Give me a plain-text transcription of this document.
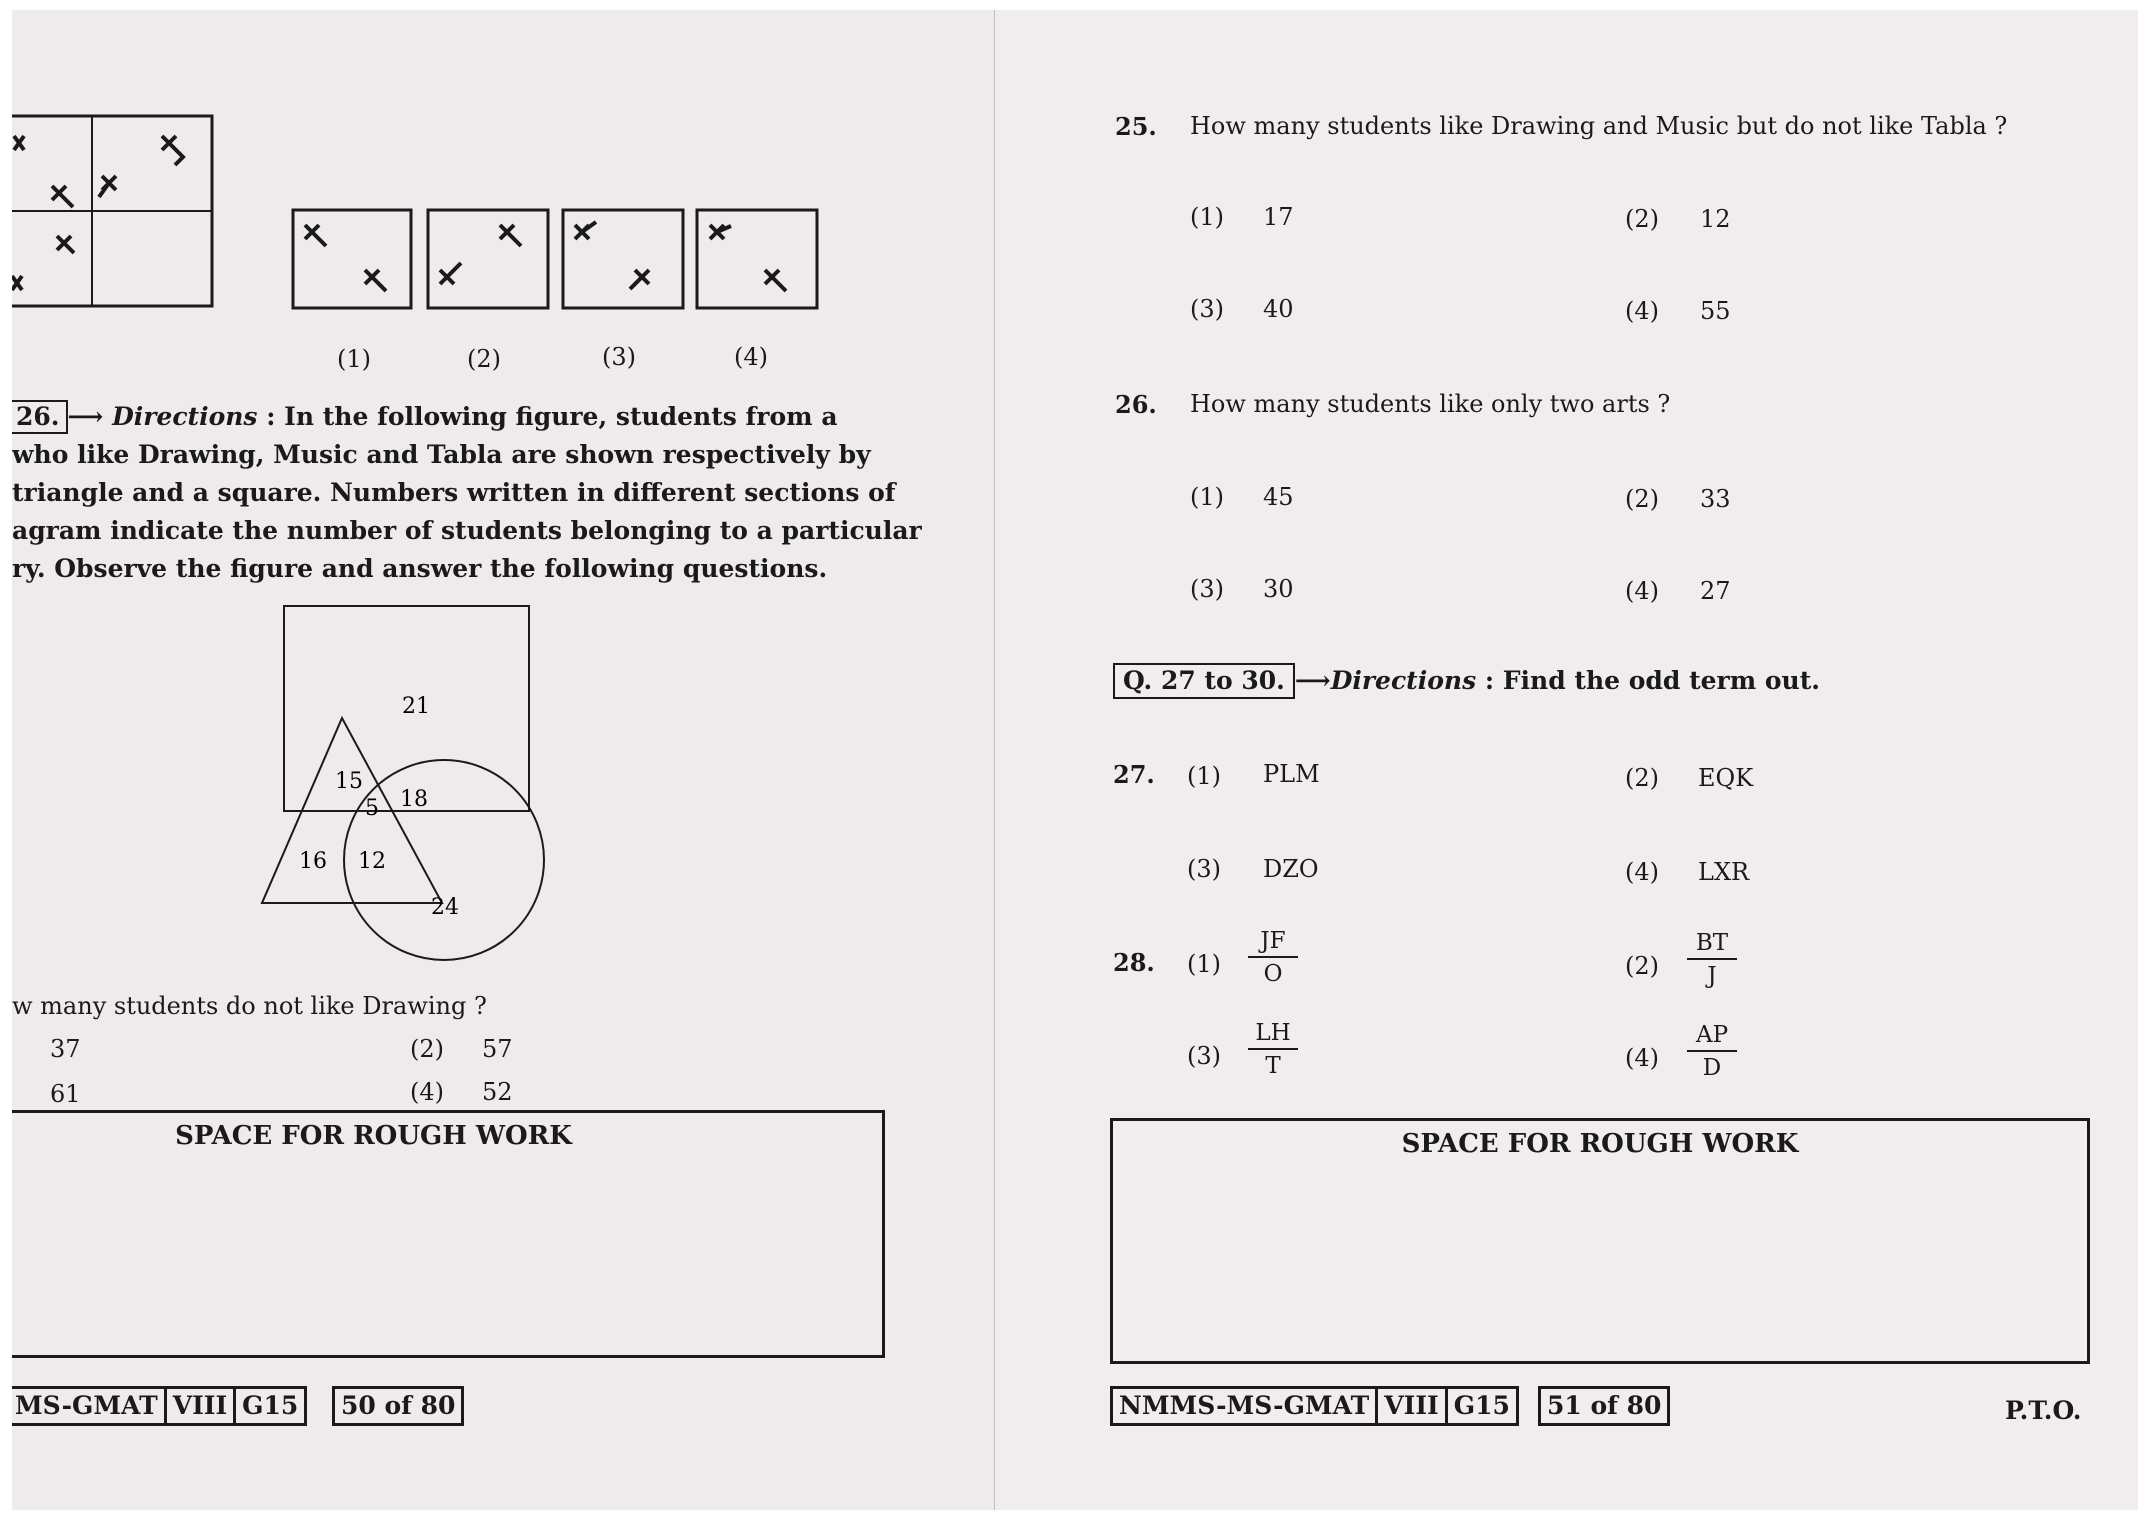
(1)	(2)	(3)	(4)
26. ⟶ Directions : In the following figure, students from a
who like Drawing, Music and Tabla are shown respectively by
triangle and a square. Numbers written in different sections of
agram indicate the number of students belonging to a particular
ry. Observe the figure and answer the following questions.
21
15
5 18
16 12
24
w many students do not like Drawing ?
37	(2) 57
61	(4) 52
SPACE FOR ROUGH WORK
MS-GMAT VIII G15	50 of 80
25. How many students like Drawing and Music but do not like Tabla ?
(1) 17	(2) 12
(3) 40	(4) 55
26. How many students like only two arts ?
(1) 45	(2) 33
(3) 30	(4) 27
Q. 27 to 30. ⟶Directions : Find the odd term out.
27. (1) PLM	(2) EQK
(3) DZO	(4) LXR
28. $(1) \frac{JF}{O}$	$(2) \frac{BT}{J}$
$(3) \frac{LH}{T}$	$(4) \frac{AP}{D}$
SPACE FOR ROUGH WORK
NMMS-MS-GMAT VIII G15	51 of 80	P.T.O.
